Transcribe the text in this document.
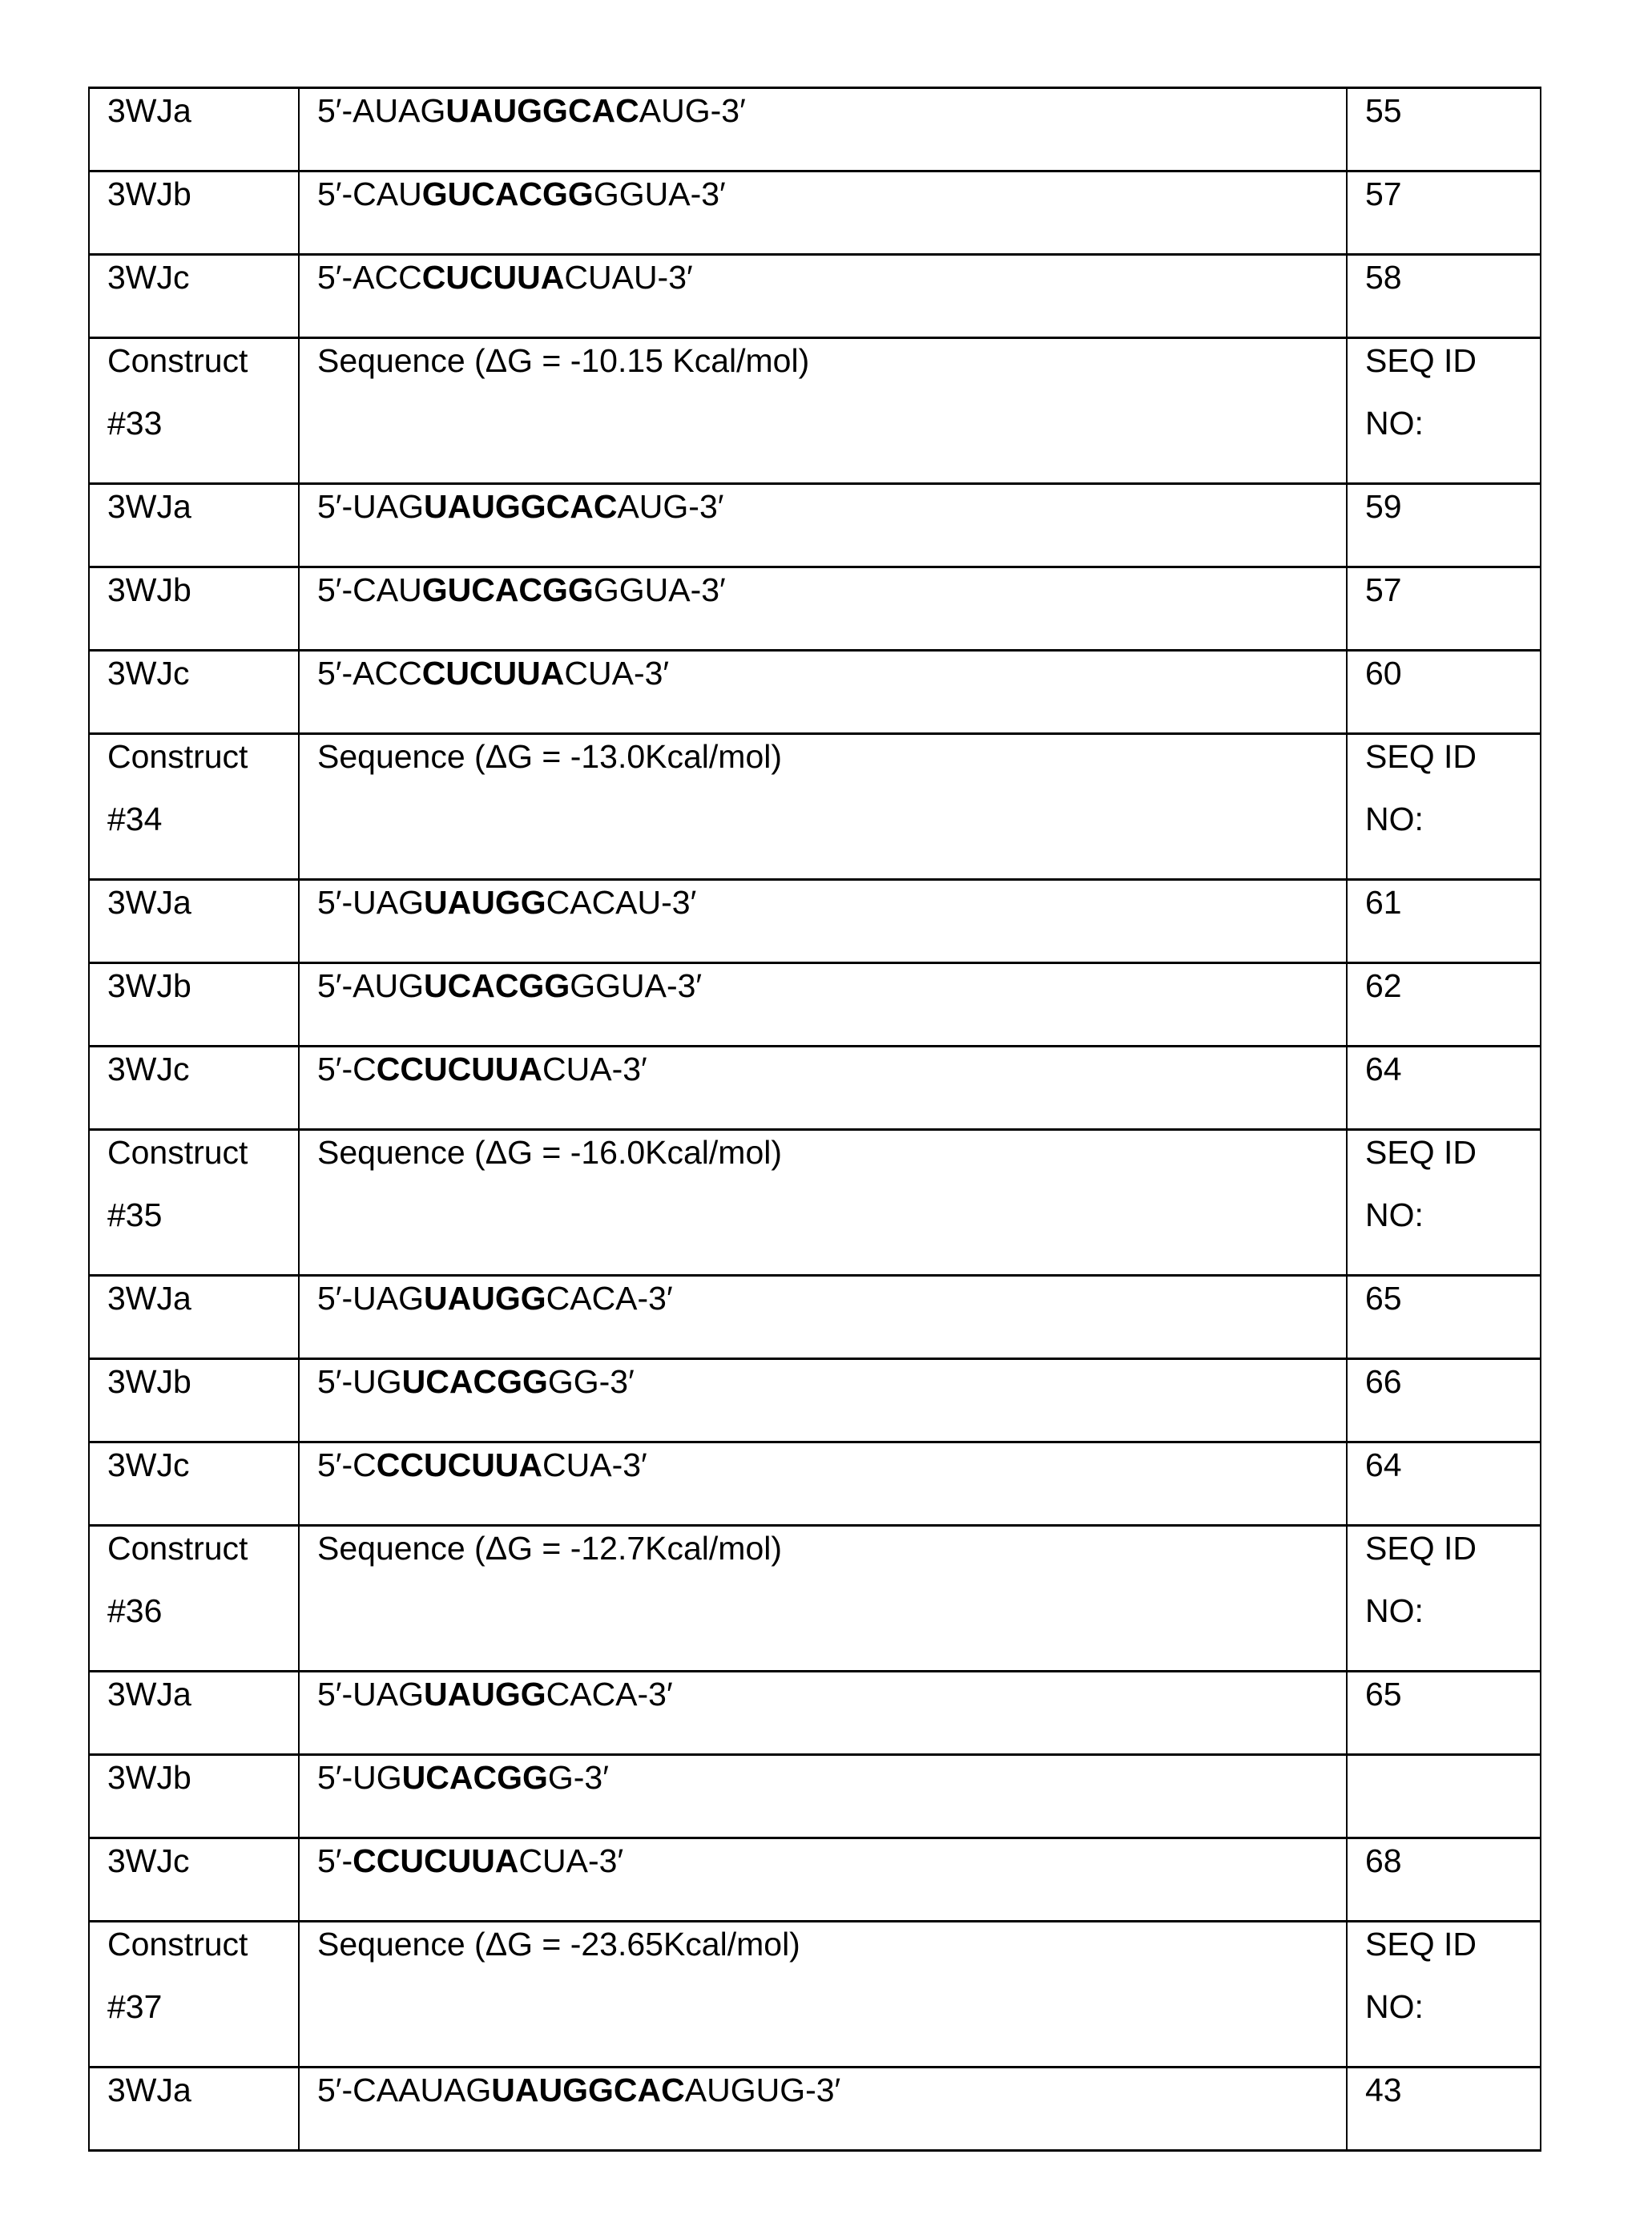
3WJa	5′-AUAGUAUGGCACAUG-3′	55

3WJb	5′-CAUGUCACGGGGUA-3′	57

3WJc	5′-ACCCUCUUACUAU-3′	58

Construct
#33

Sequence (ΔG = -10.15 Kcal/mol)	SEQ ID
NO:

3WJa	5′-UAGUAUGGCACAUG-3′	59

3WJb	5′-CAUGUCACGGGGUA-3′	57

3WJc	5′-ACCCUCUUACUA-3′	60

Construct
#34

Sequence (ΔG = -13.0Kcal/mol)	SEQ ID
NO:

3WJa	5′-UAGUAUGGCACAU-3′	61

3WJb	5′-AUGUCACGGGGUA-3′	62

3WJc	5′-CCCUCUUACUA-3′	64

Construct
#35

Sequence (ΔG = -16.0Kcal/mol)	SEQ ID
NO:

3WJa	5′-UAGUAUGGCACA-3′	65

3WJb	5′-UGUCACGGGG-3′	66

3WJc	5′-CCCUCUUACUA-3′	64

Construct
#36

Sequence (ΔG = -12.7Kcal/mol)	SEQ ID
NO:

3WJa	5′-UAGUAUGGCACA-3′	65

3WJb	5′-UGUCACGGG-3′

3WJc	5′-CCUCUUACUA-3′	68

Construct
#37

Sequence (ΔG = -23.65Kcal/mol)	SEQ ID
NO:

3WJa	5′-CAAUAGUAUGGCACAUGUG-3′	43
